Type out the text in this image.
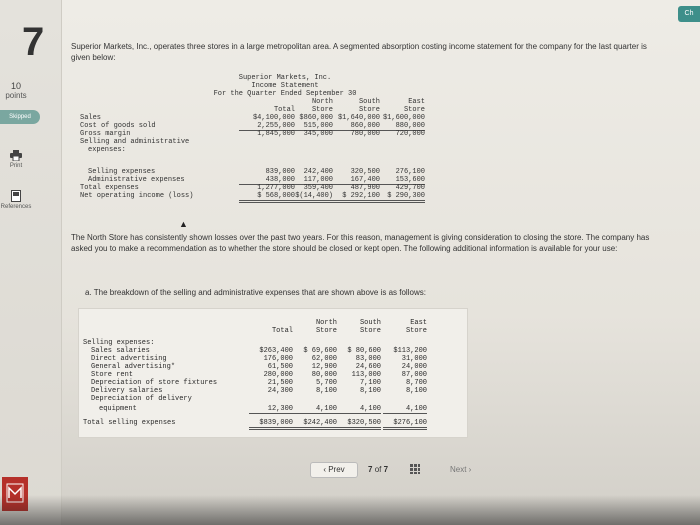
Ch
7
10
points
Skipped
Print
References
Superior Markets, Inc., operates three stores in a large metropolitan area. A segmented absorption costing income statement for the company for the last quarter is given below:
Superior Markets, Inc.
Income Statement
For the Quarter Ended September 30
Total
North
Store
South
Store
East
Store
Sales	$4,100,000 $860,000 $1,640,000 $1,600,000
Cost of goods sold	2,255,000	515,000	860,000	880,000
Gross margin	1,845,000	345,000	780,000	720,000
Selling and administrative
expenses:
Selling expenses	839,000	242,400	320,500	276,100
Administrative expenses	438,000	117,000	167,400	153,600
Total expenses	1,277,000	359,400	487,900	429,700
Net operating income (loss)	$ 568,000 $(14,400)	$ 292,100	$ 290,300
▲
The North Store has consistently shown losses over the past two years. For this reason, management is giving consideration to closing the store. The company has asked you to make a recommendation as to whether the store should be closed or kept open. The following additional information is available for your use:
a. The breakdown of the selling and administrative expenses that are shown above is as follows:
Total
North
Store
South
Store
East
Store
Selling expenses:
Sales salaries	$263,400	$ 69,600	$ 80,600	$113,200
Direct advertising	176,000	62,000	83,000	31,000
General advertising*	61,500	12,900	24,600	24,000
Store rent	280,000	80,000	113,000	87,000
Depreciation of store fixtures	21,500	5,700	7,100	8,700
Delivery salaries	24,300	8,100	8,100	8,100
Depreciation of delivery
equipment	12,300	4,100	4,100	4,100
Total selling expenses	$839,000	$242,400	$320,500	$276,100
‹ Prev	7 of 7	Next ›
